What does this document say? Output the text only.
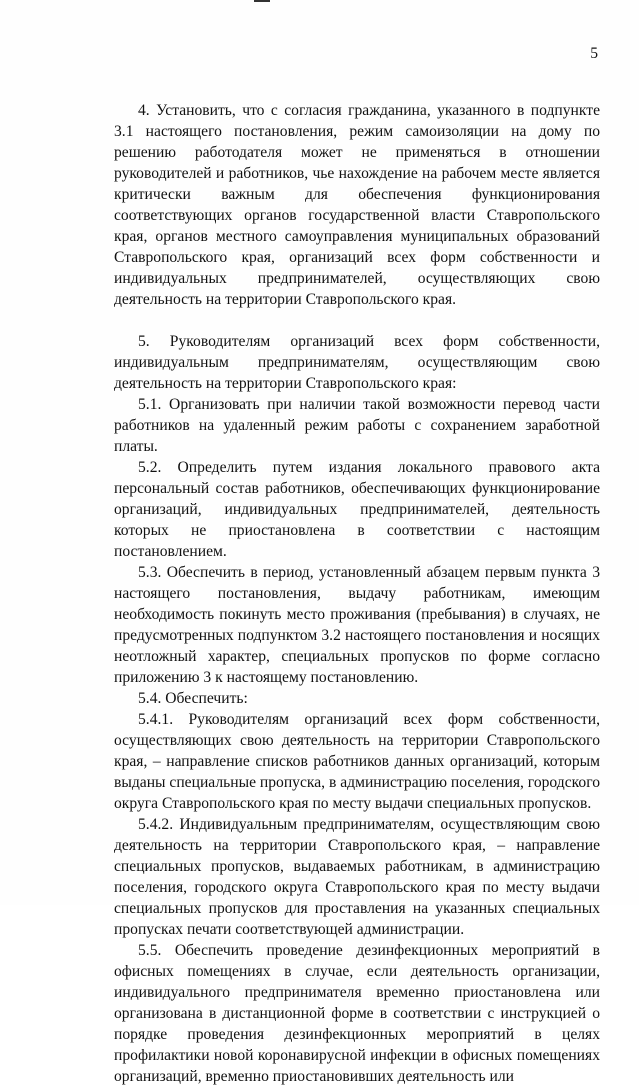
5

4. Установить, что с согласия гражданина, указанного в подпункте 3.1 настоящего постановления, режим самоизоляции на дому по решению работодателя может не применяться в отношении руководителей и работников, чье нахождение на рабочем месте является критически важным для обеспечения функционирования соответствующих органов государственной власти Ставропольского края, органов местного самоуправления муниципальных образований Ставропольского края, организаций всех форм собственности и индивидуальных предпринимателей, осуществляющих свою деятельность на территории Ставропольского края.

5. Руководителям организаций всех форм собственности, индивидуальным предпринимателям, осуществляющим свою деятельность на территории Ставропольского края:

5.1. Организовать при наличии такой возможности перевод части работников на удаленный режим работы с сохранением заработной платы.

5.2. Определить путем издания локального правового акта персональный состав работников, обеспечивающих функционирование организаций, индивидуальных предпринимателей, деятельность которых не приостановлена в соответствии с настоящим постановлением.

5.3. Обеспечить в период, установленный абзацем первым пункта 3 настоящего постановления, выдачу работникам, имеющим необходимость покинуть место проживания (пребывания) в случаях, не предусмотренных подпунктом 3.2 настоящего постановления и носящих неотложный характер, специальных пропусков по форме согласно приложению 3 к настоящему постановлению.

5.4. Обеспечить:

5.4.1. Руководителям организаций всех форм собственности, осуществляющих свою деятельность на территории Ставропольского края, – направление списков работников данных организаций, которым выданы специальные пропуска, в администрацию поселения, городского округа Ставропольского края по месту выдачи специальных пропусков.

5.4.2. Индивидуальным предпринимателям, осуществляющим свою деятельность на территории Ставропольского края, – направление специальных пропусков, выдаваемых работникам, в администрацию поселения, городского округа Ставропольского края по месту выдачи специальных пропусков для проставления на указанных специальных пропусках печати соответствующей администрации.

5.5. Обеспечить проведение дезинфекционных мероприятий в офисных помещениях в случае, если деятельность организации, индивидуального предпринимателя временно приостановлена или организована в дистанционной форме в соответствии с инструкцией о порядке проведения дезинфекционных мероприятий в целях профилактики новой коронавирусной инфекции в офисных помещениях организаций, временно приостановивших деятельность или
